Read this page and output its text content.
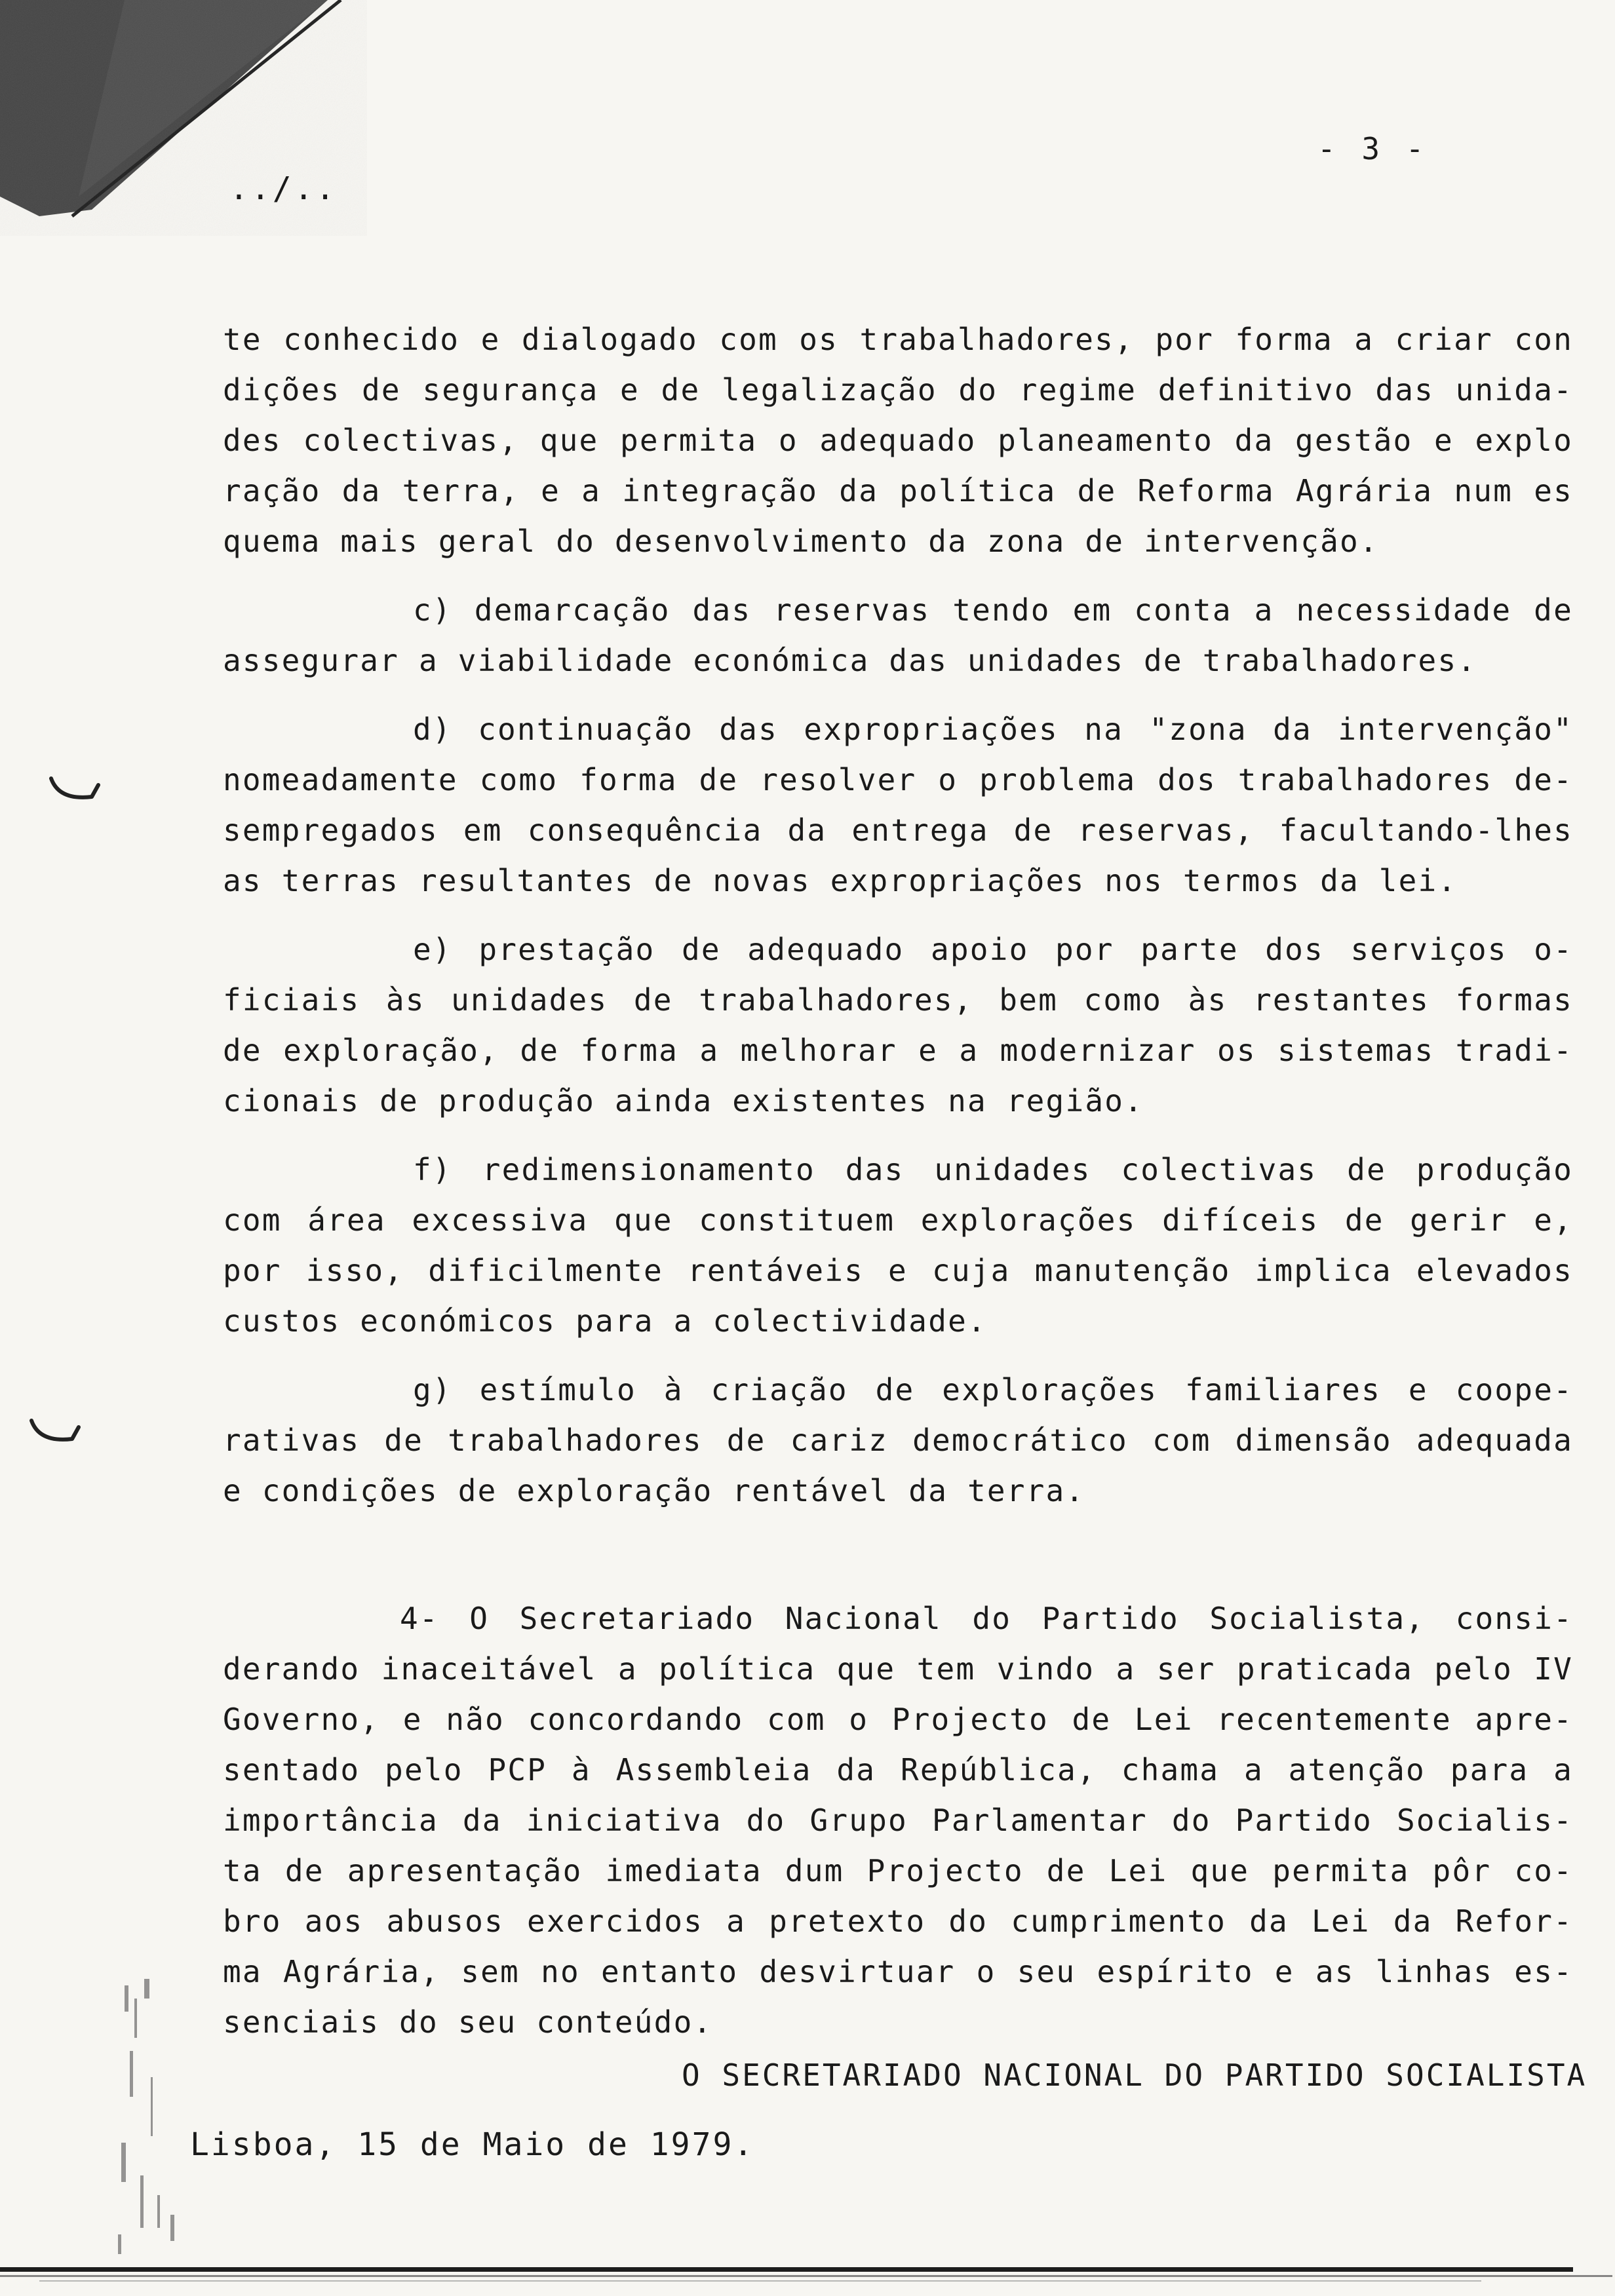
- 3 -
../..
te conhecido e dialogado com os trabalhadores, por forma a criar con
dições de segurança e de legalização do regime definitivo das unida-
des colectivas, que permita o adequado planeamento da gestão e explo
ração da terra, e a integração da política de Reforma Agrária num es
quema mais geral do desenvolvimento da zona de intervenção.
c) demarcação das reservas tendo em conta a necessidade de
assegurar a viabilidade económica das unidades de trabalhadores.
d) continuação das expropriações na "zona da intervenção"
nomeadamente como forma de resolver o problema dos trabalhadores de-
sempregados em consequência da entrega de reservas, facultando-lhes
as terras resultantes de novas expropriações nos termos da lei.
e) prestação de adequado apoio por parte dos serviços o-
ficiais às unidades de trabalhadores, bem como às restantes formas
de exploração, de forma a melhorar e a modernizar os sistemas tradi-
cionais de produção ainda existentes na região.
f) redimensionamento das unidades colectivas de produção
com área excessiva que constituem explorações difíceis de gerir e,
por isso, dificilmente rentáveis e cuja manutenção implica elevados
custos económicos para a colectividade.
g) estímulo à criação de explorações familiares e coope-
rativas de trabalhadores de cariz democrático com dimensão adequada
e condições de exploração rentável da terra.
4- O Secretariado Nacional do Partido Socialista, consi-
derando inaceitável a política que tem vindo a ser praticada pelo IV
Governo, e não concordando com o Projecto de Lei recentemente apre-
sentado pelo PCP à Assembleia da República, chama a atenção para a
importância da iniciativa do Grupo Parlamentar do Partido Socialis-
ta de apresentação imediata dum Projecto de Lei que permita pôr co-
bro aos abusos exercidos a pretexto do cumprimento da Lei da Refor-
ma Agrária, sem no entanto desvirtuar o seu espírito e as linhas es-
senciais do seu conteúdo.
O SECRETARIADO NACIONAL DO PARTIDO SOCIALISTA
Lisboa, 15 de Maio de 1979.
